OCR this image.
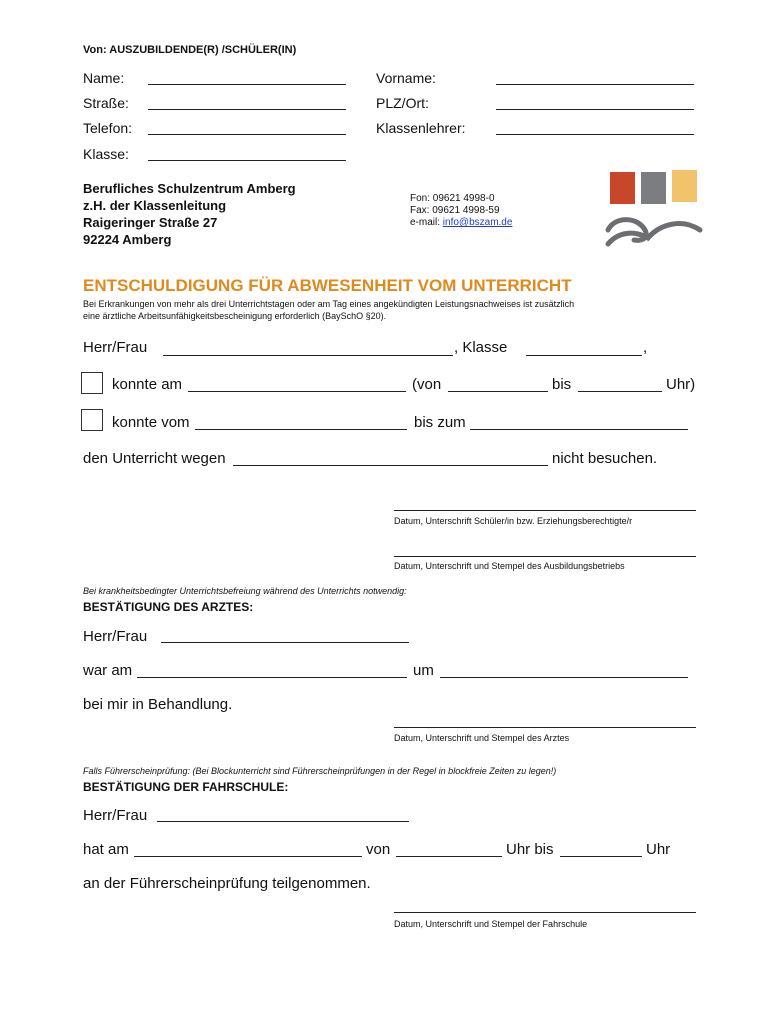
Von: AUSZUBILDENDE(R) /SCHÜLER(IN)
Name:	Vorname:
Straße:	PLZ/Ort:
Telefon:	Klassenlehrer:
Klasse:
Berufliches Schulzentrum Amberg
z.H. der Klassenleitung
Raigeringer Straße 27
92224 Amberg
Fon: 09621 4998-0
Fax: 09621 4998-59
e-mail: info@bszam.de
ENTSCHULDIGUNG FÜR ABWESENHEIT VOM UNTERRICHT
Bei Erkrankungen von mehr als drei Unterrichtstagen oder am Tag eines angekündigten Leistungsnachweises ist zusätzlich
eine ärztliche Arbeitsunfähigkeitsbescheinigung erforderlich (BaySchO §20).
Herr/Frau	, Klasse	,
konnte am	(von	bis	Uhr)
konnte vom	bis zum
den Unterricht wegen	nicht besuchen.
Datum, Unterschrift Schüler/in bzw. Erziehungsberechtigte/r
Datum, Unterschrift und Stempel des Ausbildungsbetriebs
Bei krankheitsbedingter Unterrichtsbefreiung während des Unterrichts notwendig:
BESTÄTIGUNG DES ARZTES:
Herr/Frau
war am	um
bei mir in Behandlung.
Datum, Unterschrift und Stempel des Arztes
Falls Führerscheinprüfung: (Bei Blockunterricht sind Führerscheinprüfungen in der Regel in blockfreie Zeiten zu legen!)
BESTÄTIGUNG DER FAHRSCHULE:
Herr/Frau
hat am	von	Uhr bis	Uhr
an der Führerscheinprüfung teilgenommen.
Datum, Unterschrift und Stempel der Fahrschule
